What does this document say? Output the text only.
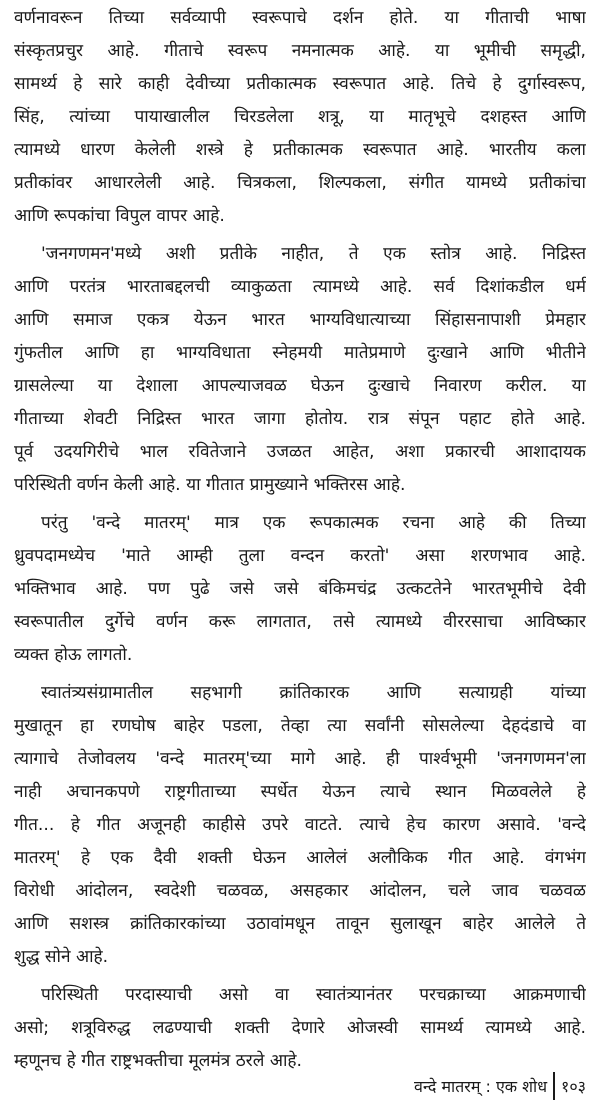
वर्णनावरून तिच्या सर्वव्यापी स्वरूपाचे दर्शन होते. या गीताची भाषा
संस्कृतप्रचुर आहे. गीताचे स्वरूप नमनात्मक आहे. या भूमीची समृद्धी,
सामर्थ्य हे सारे काही देवीच्या प्रतीकात्मक स्वरूपात आहे. तिचे हे दुर्गास्वरूप,
सिंह, त्यांच्या पायाखालील चिरडलेला शत्रू, या मातृभूचे दशहस्त आणि
त्यामध्ये धारण केलेली शस्त्रे हे प्रतीकात्मक स्वरूपात आहे. भारतीय कला
प्रतीकांवर आधारलेली आहे. चित्रकला, शिल्पकला, संगीत यामध्ये प्रतीकांचा
आणि रूपकांचा विपुल वापर आहे.
'जनगणमन'मध्ये अशी प्रतीके नाहीत, ते एक स्तोत्र आहे. निद्रिस्त
आणि परतंत्र भारताबद्दलची व्याकुळता त्यामध्ये आहे. सर्व दिशांकडील धर्म
आणि समाज एकत्र येऊन भारत भाग्यविधात्याच्या सिंहासनापाशी प्रेमहार
गुंफतील आणि हा भाग्यविधाता स्नेहमयी मातेप्रमाणे दुःखाने आणि भीतीने
ग्रासलेल्या या देशाला आपल्याजवळ घेऊन दुःखाचे निवारण करील. या
गीताच्या शेवटी निद्रिस्त भारत जागा होतोय. रात्र संपून पहाट होते आहे.
पूर्व उदयगिरीचे भाल रवितेजाने उजळत आहेत, अशा प्रकारची आशादायक
परिस्थिती वर्णन केली आहे. या गीतात प्रामुख्याने भक्तिरस आहे.
परंतु 'वन्दे मातरम्' मात्र एक रूपकात्मक रचना आहे की तिच्या
ध्रुवपदामध्येच 'माते आम्ही तुला वन्दन करतो' असा शरणभाव आहे.
भक्तिभाव आहे. पण पुढे जसे जसे बंकिमचंद्र उत्कटतेने भारतभूमीचे देवी
स्वरूपातील दुर्गेचे वर्णन करू लागतात, तसे त्यामध्ये वीररसाचा आविष्कार
व्यक्त होऊ लागतो.
स्वातंत्र्यसंग्रामातील सहभागी क्रांतिकारक आणि सत्याग्रही यांच्या
मुखातून हा रणघोष बाहेर पडला, तेव्हा त्या सर्वांनी सोसलेल्या देहदंडाचे वा
त्यागाचे तेजोवलय 'वन्दे मातरम्'च्या मागे आहे. ही पार्श्वभूमी 'जनगणमन'ला
नाही अचानकपणे राष्ट्रगीताच्या स्पर्धेत येऊन त्याचे स्थान मिळवलेले हे
गीत... हे गीत अजूनही काहीसे उपरे वाटते. त्याचे हेच कारण असावे. 'वन्दे
मातरम्' हे एक दैवी शक्ती घेऊन आलेलं अलौकिक गीत आहे. वंगभंग
विरोधी आंदोलन, स्वदेशी चळवळ, असहकार आंदोलन, चले जाव चळवळ
आणि सशस्त्र क्रांतिकारकांच्या उठावांमधून तावून सुलाखून बाहेर आलेले ते
शुद्ध सोने आहे.
परिस्थिती परदास्याची असो वा स्वातंत्र्यानंतर परचक्राच्या आक्रमणाची
असो; शत्रूविरुद्ध लढण्याची शक्ती देणारे ओजस्वी सामर्थ्य त्यामध्ये आहे.
म्हणूनच हे गीत राष्ट्रभक्तीचा मूलमंत्र ठरले आहे.
वन्दे मातरम् : एक शोध १०३
